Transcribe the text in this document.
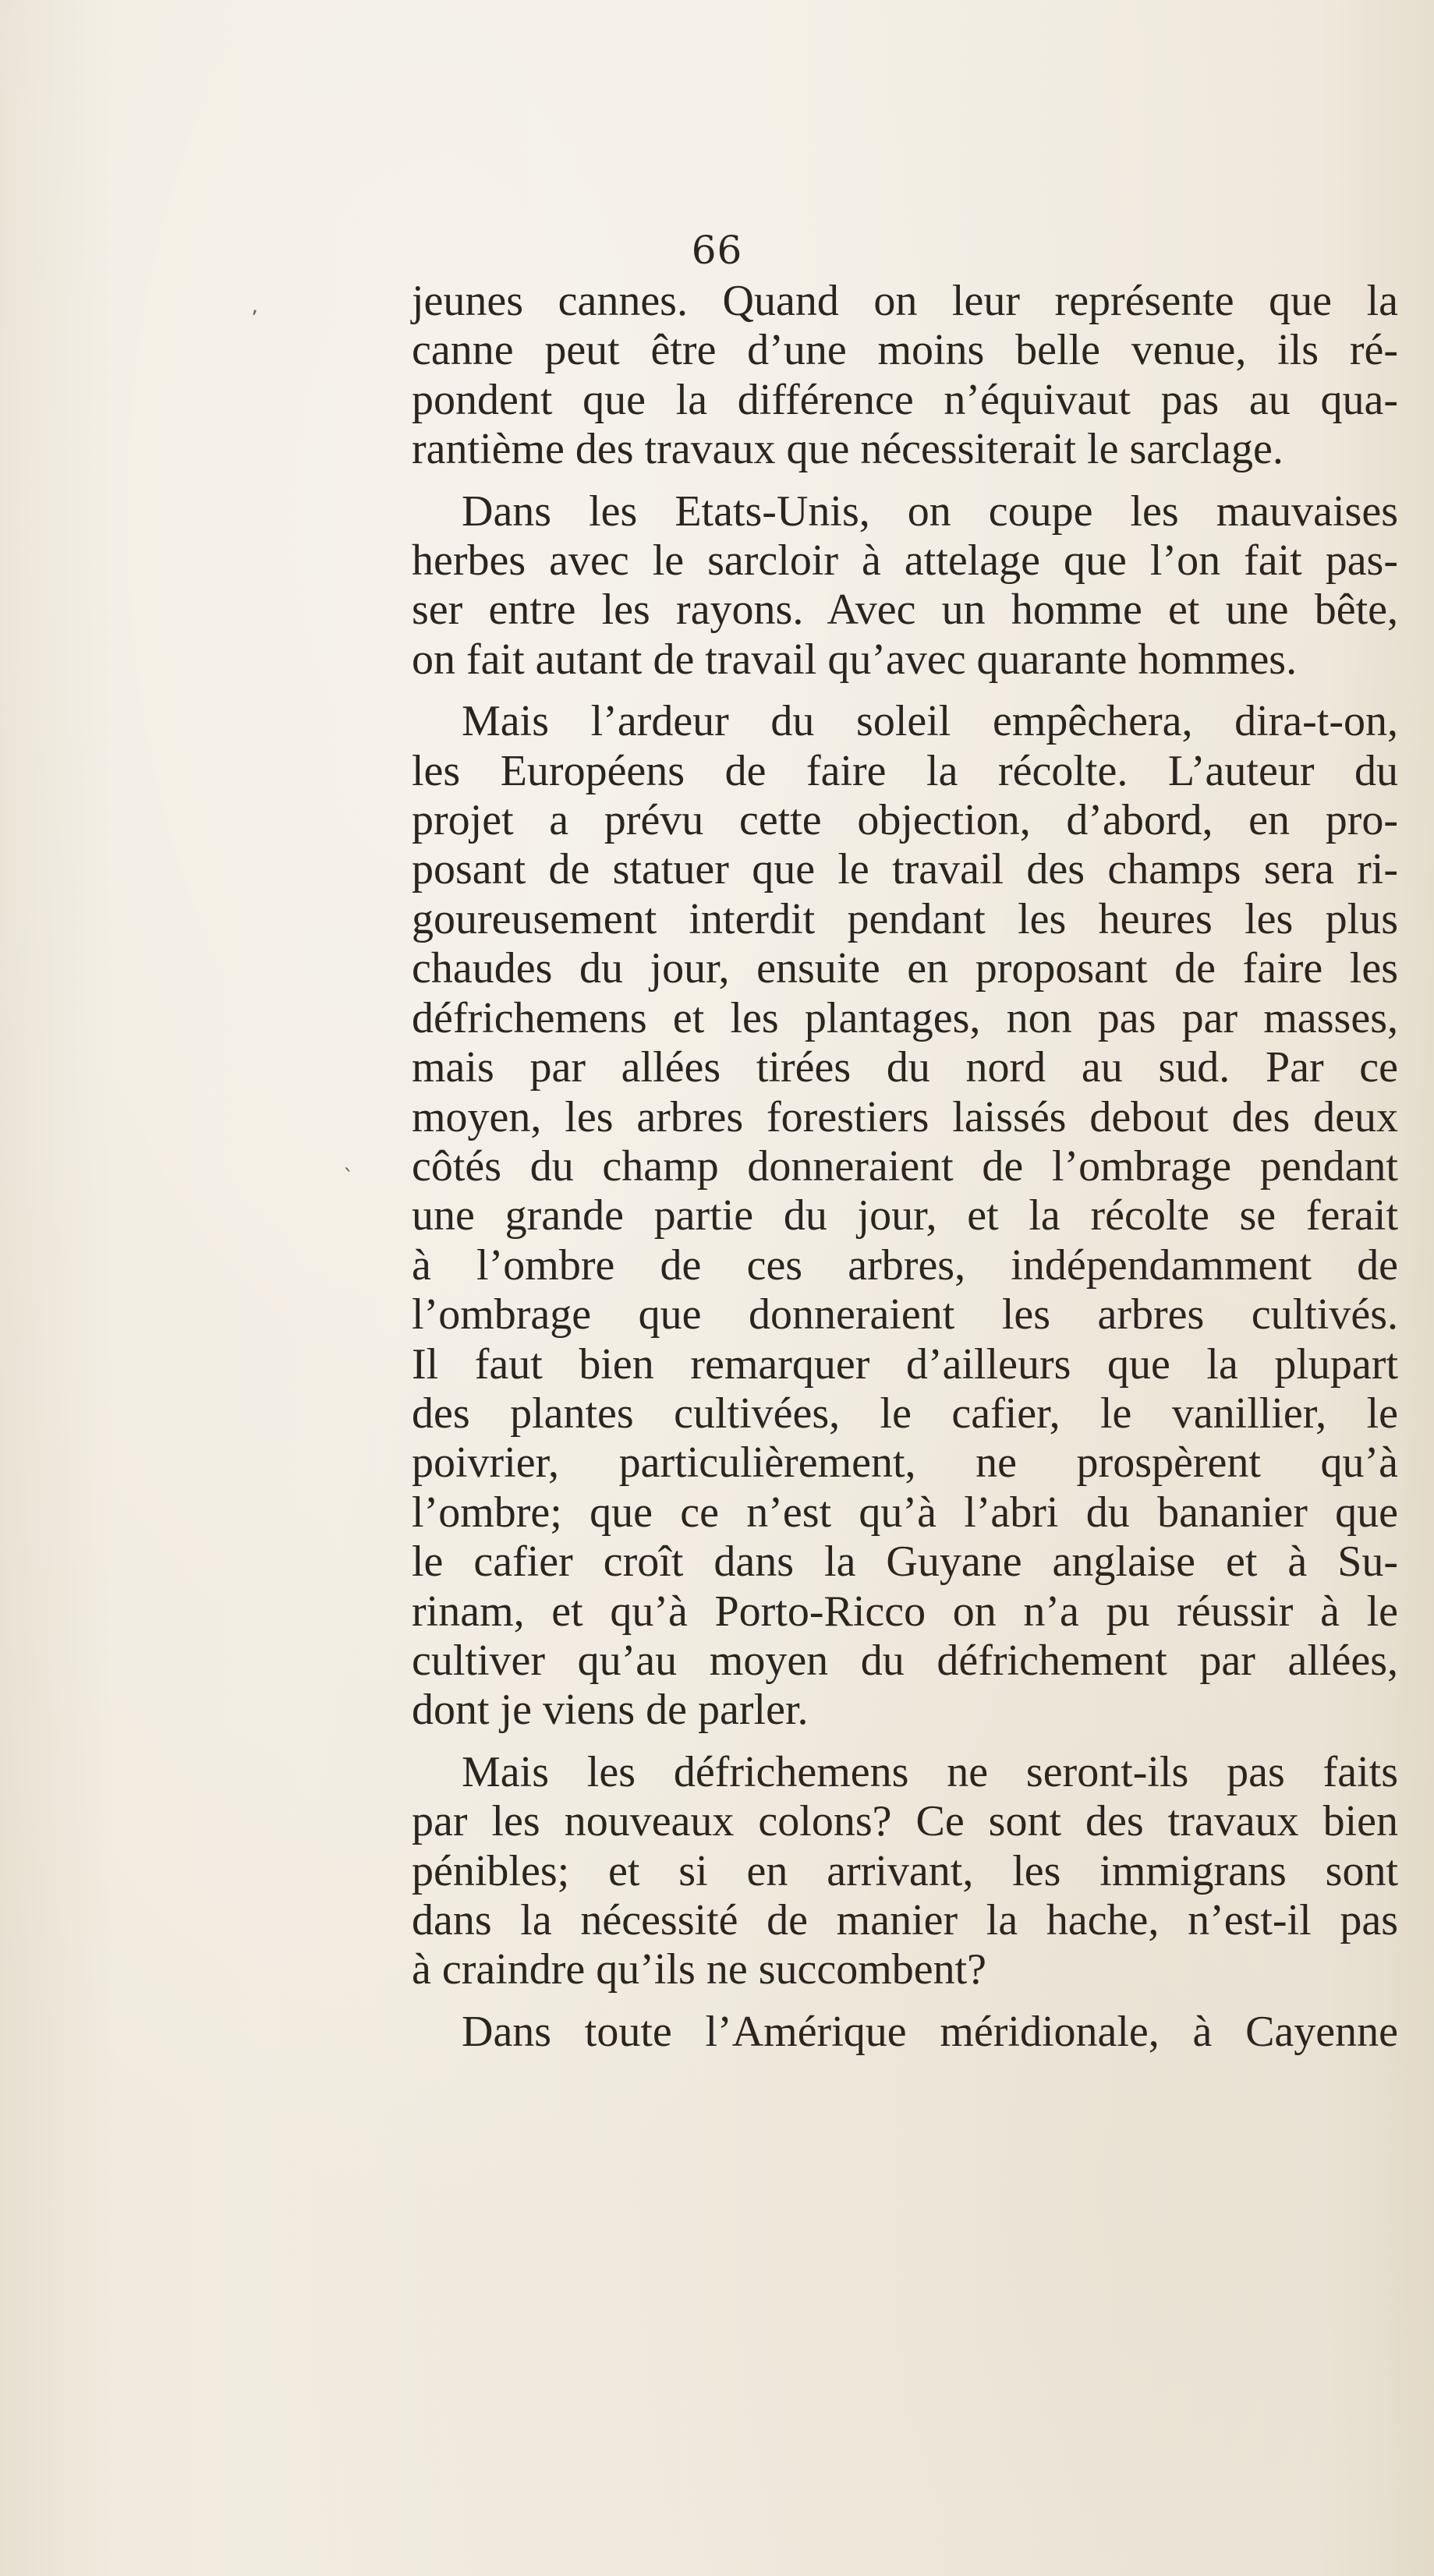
66
jeunes cannes. Quand on leur représente que la
canne peut être d’une moins belle venue, ils ré-
pondent que la différence n’équivaut pas au qua-
rantième des travaux que nécessiterait le sarclage.
Dans les Etats-Unis, on coupe les mauvaises
herbes avec le sarcloir à attelage que l’on fait pas-
ser entre les rayons. Avec un homme et une bête,
on fait autant de travail qu’avec quarante hommes.
Mais l’ardeur du soleil empêchera, dira-t-on,
les Européens de faire la récolte. L’auteur du
projet a prévu cette objection, d’abord, en pro-
posant de statuer que le travail des champs sera ri-
goureusement interdit pendant les heures les plus
chaudes du jour, ensuite en proposant de faire les
défrichemens et les plantages, non pas par masses,
mais par allées tirées du nord au sud. Par ce
moyen, les arbres forestiers laissés debout des deux
côtés du champ donneraient de l’ombrage pendant
une grande partie du jour, et la récolte se ferait
à l’ombre de ces arbres, indépendamment de
l’ombrage que donneraient les arbres cultivés.
Il faut bien remarquer d’ailleurs que la plupart
des plantes cultivées, le cafier, le vanillier, le
poivrier, particulièrement, ne prospèrent qu’à
l’ombre; que ce n’est qu’à l’abri du bananier que
le cafier croît dans la Guyane anglaise et à Su-
rinam, et qu’à Porto-Ricco on n’a pu réussir à le
cultiver qu’au moyen du défrichement par allées,
dont je viens de parler.
Mais les défrichemens ne seront-ils pas faits
par les nouveaux colons? Ce sont des travaux bien
pénibles; et si en arrivant, les immigrans sont
dans la nécessité de manier la hache, n’est-il pas
à craindre qu’ils ne succombent?
Dans toute l’Amérique méridionale, à Cayenne
ʼ
ˎ
